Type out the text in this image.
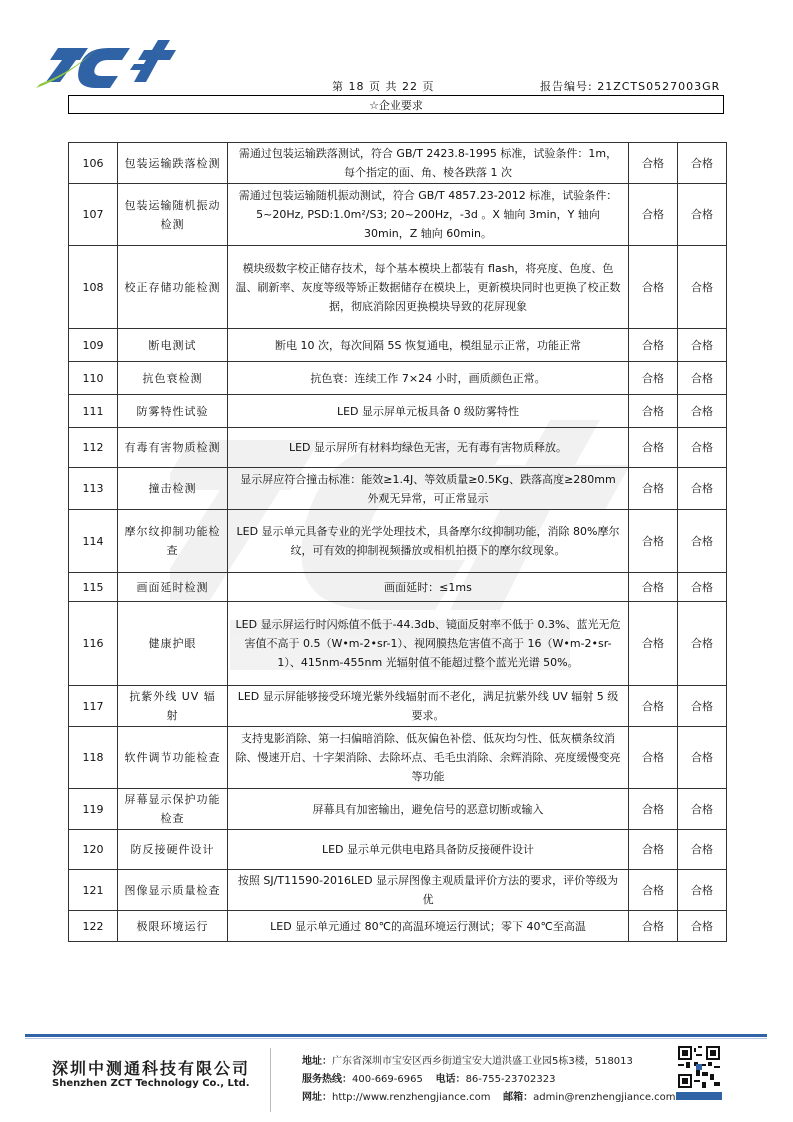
第 18 页 共 22 页	报告编号: 21ZCTS0527003GR
☆企业要求
106	包装运输跌落检测	需通过包装运输跌落测试，符合 GB/T 2423.8-1995 标准，试验条件：1m，每个指定的面、角、棱各跌落 1 次	合格	合格
107	包装运输随机振动检测	需通过包装运输随机振动测试，符合 GB/T 4857.23-2012 标准，试验条件：5~20Hz, PSD:1.0m²/S3; 20~200Hz，-3d 。X 轴向 3min，Y 轴向 30min，Z 轴向 60min。	合格	合格
108	校正存储功能检测	模块级数字校正储存技术，每个基本模块上都装有 flash，将亮度、色度、色温、刷新率、灰度等级等矫正数据储存在模块上，更新模块同时也更换了校正数据，彻底消除因更换模块导致的花屏现象	合格	合格
109	断电测试	断电 10 次，每次间隔 5S 恢复通电，模组显示正常，功能正常	合格	合格
110	抗色衰检测	抗色衰：连续工作 7×24 小时，画质颜色正常。	合格	合格
111	防雾特性试验	LED 显示屏单元板具备 0 级防雾特性	合格	合格
112	有毒有害物质检测	LED 显示屏所有材料均绿色无害，无有毒有害物质释放。	合格	合格
113	撞击检测	显示屏应符合撞击标准：能效≥1.4J、等效质量≥0.5Kg、跌落高度≥280mm 外观无异常，可正常显示	合格	合格
114	摩尔纹抑制功能检查	LED 显示单元具备专业的光学处理技术，具备摩尔纹抑制功能，消除 80%摩尔纹，可有效的抑制视频播放或相机拍摄下的摩尔纹现象。	合格	合格
115	画面延时检测	画面延时：≤1ms	合格	合格
116	健康护眼	LED 显示屏运行时闪烁值不低于-44.3db、镜面反射率不低于 0.3%、蓝光无危害值不高于 0.5（W•m-2•sr-1）、视网膜热危害值不高于 16（W•m-2•sr-1）、415nm-455nm 光辐射值不能超过整个蓝光光谱 50%。	合格	合格
117	抗紫外线 UV 辐射	LED 显示屏能够接受环境光紫外线辐射而不老化，满足抗紫外线 UV 辐射 5 级要求。	合格	合格
118	软件调节功能检查	支持鬼影消除、第一扫偏暗消除、低灰偏色补偿、低灰均匀性、低灰横条纹消除、慢速开启、十字架消除、去除坏点、毛毛虫消除、余辉消除、亮度缓慢变亮等功能	合格	合格
119	屏幕显示保护功能检查	屏幕具有加密输出，避免信号的恶意切断或输入	合格	合格
120	防反接硬件设计	LED 显示单元供电电路具备防反接硬件设计	合格	合格
121	图像显示质量检查	按照 SJ/T11590-2016LED 显示屏图像主观质量评价方法的要求，评价等级为优	合格	合格
122	极限环境运行	LED 显示单元通过 80℃的高温环境运行测试；零下 40℃至高温	合格	合格
深圳中测通科技有限公司
Shenzhen ZCT Technology Co., Ltd.
地址：广东省深圳市宝安区西乡街道宝安大道洪盛工业园5栋3楼，518013
服务热线：400-669-6965 电话：86-755-23702323
网址：http://www.renzhengjiance.com 邮箱：admin@renzhengjiance.com
